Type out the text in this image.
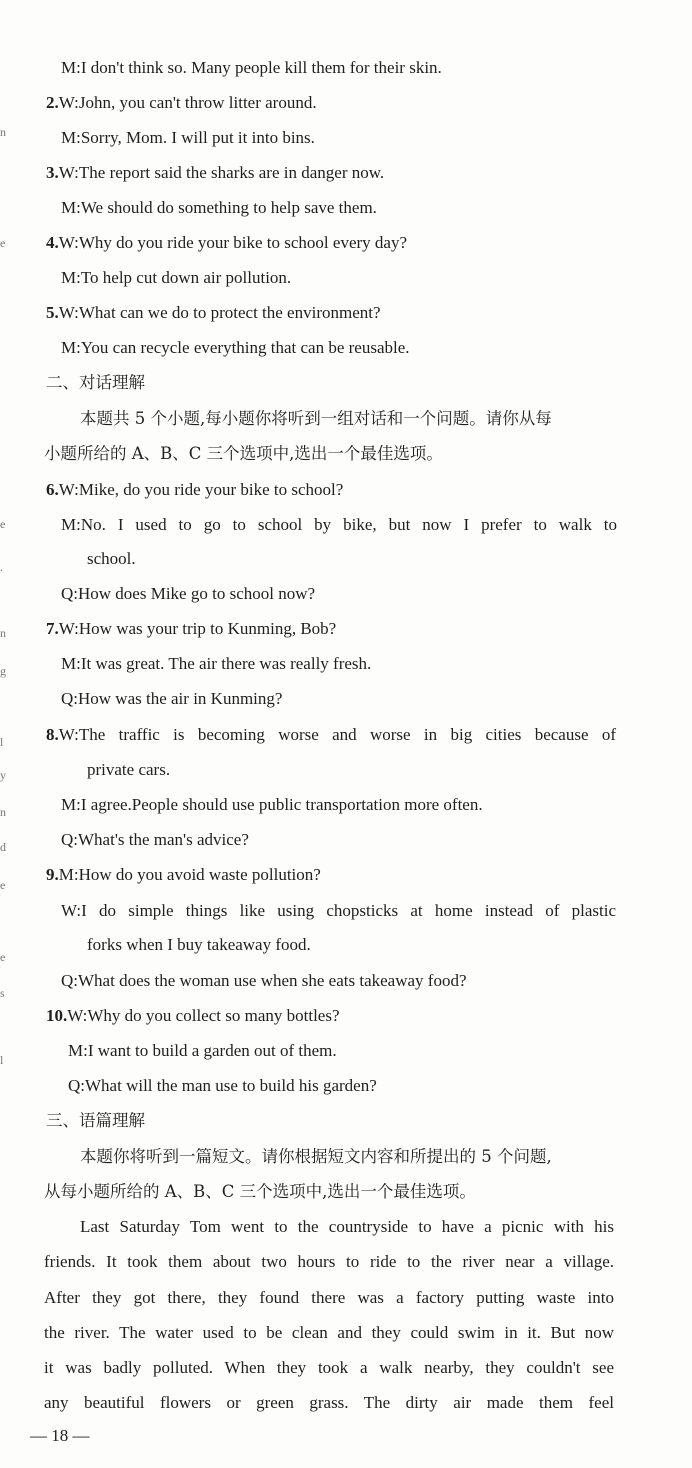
n
e
e
.
n
g
l
y
n
d
e
e
s
l
M:I don't think so. Many people kill them for their skin.
2.W:John, you can't throw litter around.
M:Sorry, Mom. I will put it into bins.
3.W:The report said the sharks are in danger now.
M:We should do something to help save them.
4.W:Why do you ride your bike to school every day?
M:To help cut down air pollution.
5.W:What can we do to protect the environment?
M:You can recycle everything that can be reusable.
二、对话理解
本题共 5 个小题,每小题你将听到一组对话和一个问题。请你从每
小题所给的 A、B、C 三个选项中,选出一个最佳选项。
6.W:Mike, do you ride your bike to school?
M:No. I used to go to school by bike, but now I prefer to walk to
school.
Q:How does Mike go to school now?
7.W:How was your trip to Kunming, Bob?
M:It was great. The air there was really fresh.
Q:How was the air in Kunming?
8.W:The traffic is becoming worse and worse in big cities because of
private cars.
M:I agree.People should use public transportation more often.
Q:What's the man's advice?
9.M:How do you avoid waste pollution?
W:I do simple things like using chopsticks at home instead of plastic
forks when I buy takeaway food.
Q:What does the woman use when she eats takeaway food?
10.W:Why do you collect so many bottles?
M:I want to build a garden out of them.
Q:What will the man use to build his garden?
三、语篇理解
本题你将听到一篇短文。请你根据短文内容和所提出的 5 个问题,
从每小题所给的 A、B、C 三个选项中,选出一个最佳选项。
Last Saturday Tom went to the countryside to have a picnic with his
friends. It took them about two hours to ride to the river near a village.
After they got there, they found there was a factory putting waste into
the river. The water used to be clean and they could swim in it. But now
it was badly polluted. When they took a walk nearby, they couldn't see
any beautiful flowers or green grass. The dirty air made them feel
— 18 —
